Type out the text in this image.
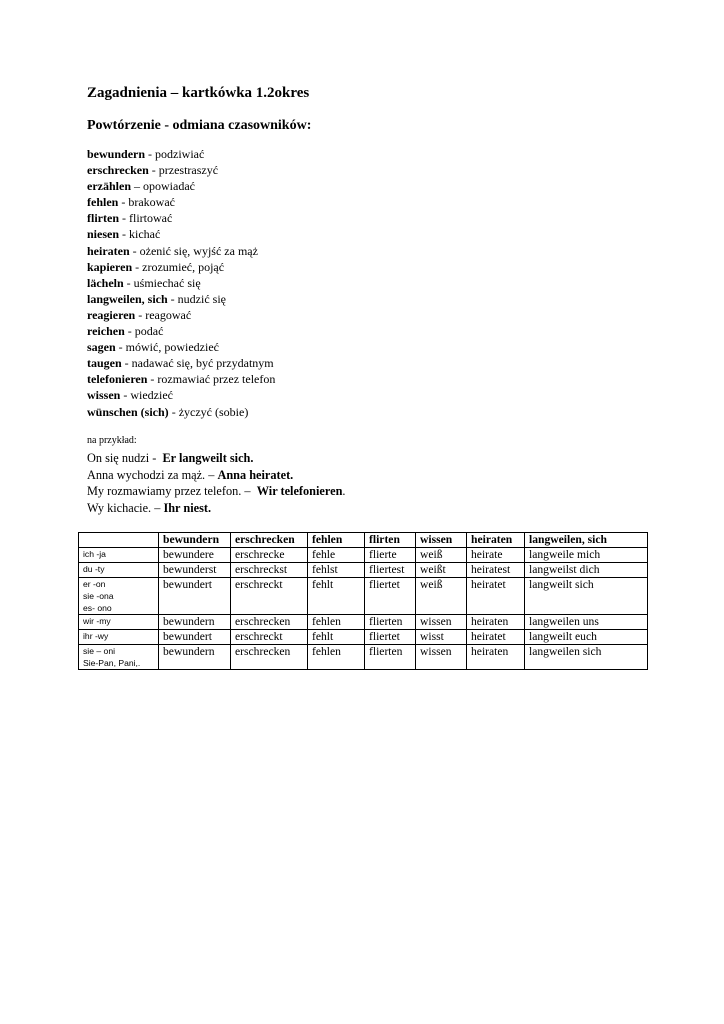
Zagadnienia – kartkówka 1.2okres
Powtórzenie - odmiana czasowników:
bewundern - podziwiać
erschrecken - przestraszyć
erzählen – opowiadać
fehlen - brakować
flirten - flirtować
niesen - kichać
heiraten - ożenić się, wyjść za mąż
kapieren - zrozumieć, pojąć
lächeln - uśmiechać się
langweilen, sich - nudzić się
reagieren - reagować
reichen - podać
sagen - mówić, powiedzieć
taugen - nadawać się, być przydatnym
telefonieren - rozmawiać przez telefon
wissen - wiedzieć
wünschen (sich) - życzyć (sobie)
na przykład:
On się nudzi -  Er langweilt sich.
Anna wychodzi za mąż. – Anna heiratet.
My rozmawiamy przez telefon. –  Wir telefonieren.
Wy kichacie. – Ihr niest.
	bewundern	erschrecken	fehlen	flirten	wissen	heiraten	langweilen, sich

ich -ja	bewundere	erschrecke	fehle	flierte	weiß	heirate	langweile mich

du -ty	bewunderst	erschreckst	fehlst	fliertest	weißt	heiratest	langweilst dich

er -on
sie -ona
es- ono	bewundert	erschreckt	fehlt	fliertet	weiß	heiratet	langweilt sich

wir -my	bewundern	erschrecken	fehlen	flierten	wissen	heiraten	langweilen uns

ihr -wy	bewundert	erschreckt	fehlt	fliertet	wisst	heiratet	langweilt euch

sie – oni
Sie-Pan, Pani,.	bewundern	erschrecken	fehlen	flierten	wissen	heiraten	langweilen sich
